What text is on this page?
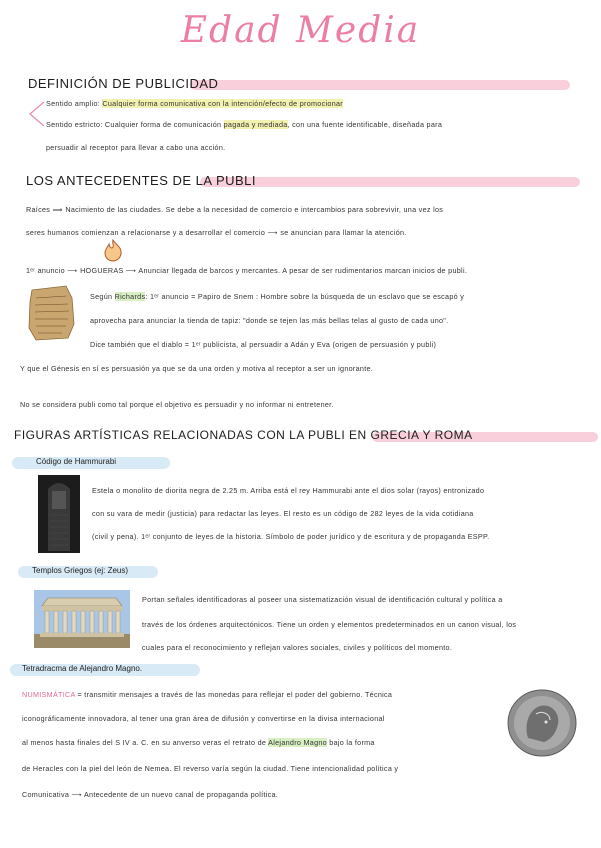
Edad Media
DEFINICIÓN DE PUBLICIDAD
Sentido amplio: Cualquier forma comunicativa con la intención/efecto de promocionar
Sentido estricto: Cualquier forma de comunicación pagada y mediada, con una fuente identificable, diseñada para
persuadir al receptor para llevar a cabo una acción.
LOS ANTECEDENTES DE LA PUBLI
Raíces ⟹ Nacimiento de las ciudades. Se debe a la necesidad de comercio e intercambios para sobrevivir, una vez los
seres humanos comienzan a relacionarse y a desarrollar el comercio ⟶ se anuncian para llamar la atención.
1ᵉʳ anuncio ⟶ HOGUERAS ⟶ Anunciar llegada de barcos y mercantes. A pesar de ser rudimentarios marcan inicios de publi.
Según Richards: 1ᵉʳ anuncio = Papiro de Snem : Hombre sobre la búsqueda de un esclavo que se escapó y
aprovecha para anunciar la tienda de tapiz: "donde se tejen las más bellas telas al gusto de cada uno".
Dice también que el diablo = 1ᵉʳ publicista, al persuadir a Adán y Eva (origen de persuasión y publi)
Y que el Génesis en sí es persuasión ya que se da una orden y motiva al receptor a ser un ignorante.
No se considera publi como tal porque el objetivo es persuadir y no informar ni entretener.
FIGURAS ARTÍSTICAS RELACIONADAS CON LA PUBLI EN GRECIA Y ROMA
Código de Hammurabi
Estela o monolito de diorita negra de 2.25 m. Arriba está el rey Hammurabi ante el dios solar (rayos) entronizado
con su vara de medir (justicia) para redactar las leyes. El resto es un código de 282 leyes de la vida cotidiana
(civil y pena). 1ᵉʳ conjunto de leyes de la historia. Símbolo de poder jurídico y de escritura y de propaganda ESPP.
Templos Griegos (ej: Zeus)
Portan señales identificadoras al poseer una sistematización visual de identificación cultural y política a
través de los órdenes arquitectónicos. Tiene un orden y elementos predeterminados en un canon visual, los
cuales para el reconocimiento y reflejan valores sociales, civiles y políticos del momento.
Tetradracma de Alejandro Magno.
NUMISMÁTICA = transmitir mensajes a través de las monedas para reflejar el poder del gobierno. Técnica
iconográficamente innovadora, al tener una gran área de difusión y convertirse en la divisa internacional
al menos hasta finales del S IV a. C. en su anverso veras el retrato de Alejandro Magno bajo la forma
de Heracles con la piel del león de Nemea. El reverso varía según la ciudad. Tiene intencionalidad política y
Comunicativa ⟶ Antecedente de un nuevo canal de propaganda política.
